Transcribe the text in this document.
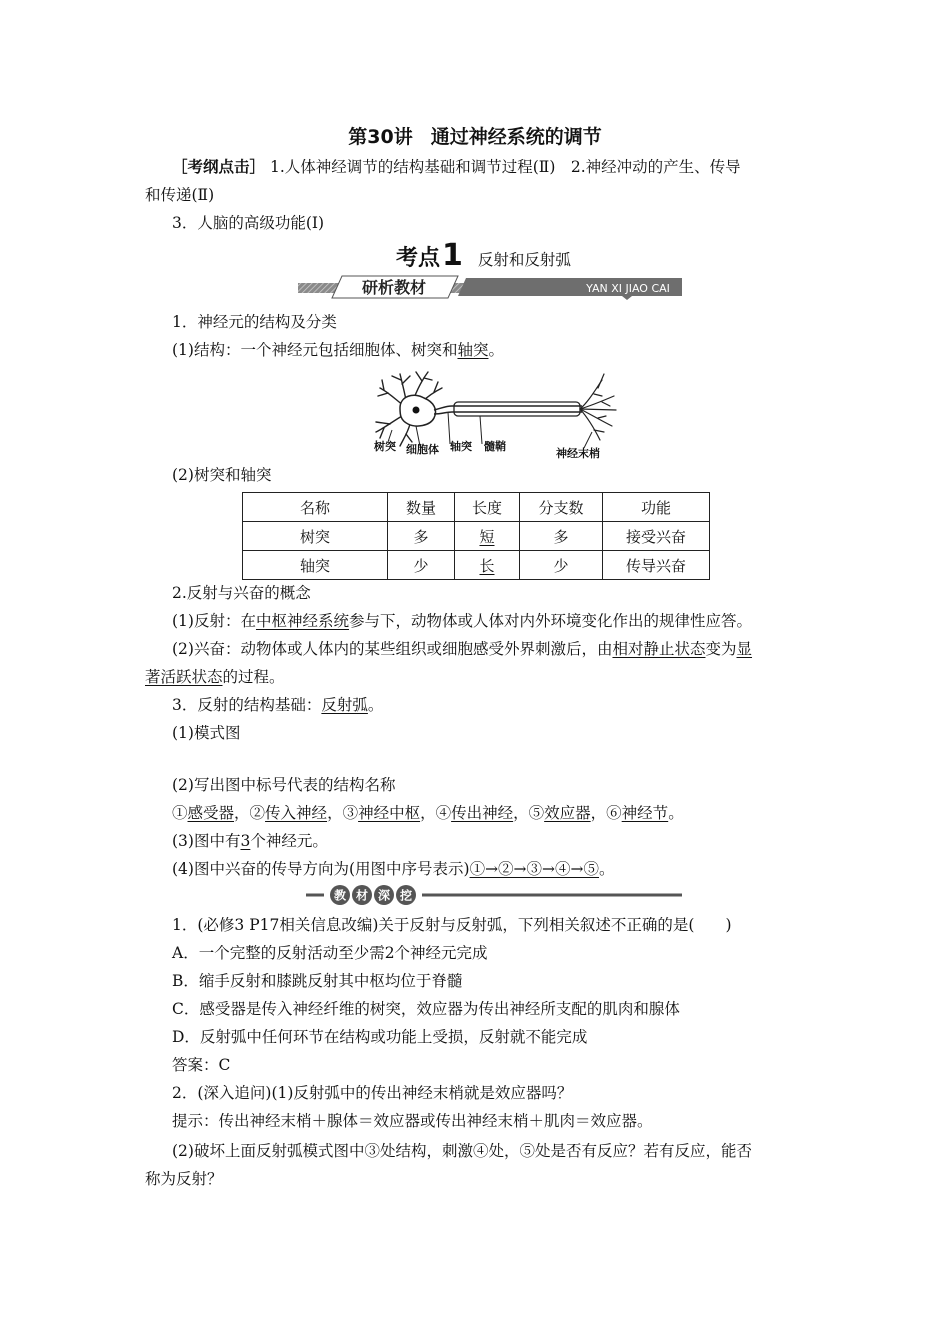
第30讲 通过神经系统的调节
［考纲点击］ 1.人体神经调节的结构基础和调节过程(Ⅱ)　2.神经冲动的产生、传导
和传递(Ⅱ)
3．人脑的高级功能(Ⅰ)
考点1 反射和反射弧
研析教材	YAN XI JIAO CAI
1．神经元的结构及分类
(1)结构：一个神经元包括细胞体、树突和轴突。
树突 细胞体 轴突 髓鞘
神经末梢
(2)树突和轴突
名称	数量	长度	分支数	功能
树突	多	短	多	接受兴奋
轴突	少	长	少	传导兴奋
2.反射与兴奋的概念
(1)反射：在中枢神经系统参与下，动物体或人体对内外环境变化作出的规律性应答。
(2)兴奋：动物体或人体内的某些组织或细胞感受外界刺激后，由相对静止状态变为显
著活跃状态的过程。
3．反射的结构基础：反射弧。
(1)模式图
(2)写出图中标号代表的结构名称
①感受器，②传入神经，③神经中枢，④传出神经，⑤效应器，⑥神经节。
(3)图中有3个神经元。
(4)图中兴奋的传导方向为(用图中序号表示)①→②→③→④→⑤。
教 材 深 挖
1．(必修3 P17相关信息改编)关于反射与反射弧，下列相关叙述不正确的是(　　)
A．一个完整的反射活动至少需2个神经元完成
B．缩手反射和膝跳反射其中枢均位于脊髓
C．感受器是传入神经纤维的树突，效应器为传出神经所支配的肌肉和腺体
D．反射弧中任何环节在结构或功能上受损，反射就不能完成
答案：C
2．(深入追问)(1)反射弧中的传出神经末梢就是效应器吗？
提示：传出神经末梢＋腺体＝效应器或传出神经末梢＋肌肉＝效应器。
(2)破坏上面反射弧模式图中③处结构，刺激④处，⑤处是否有反应？若有反应，能否
称为反射？
